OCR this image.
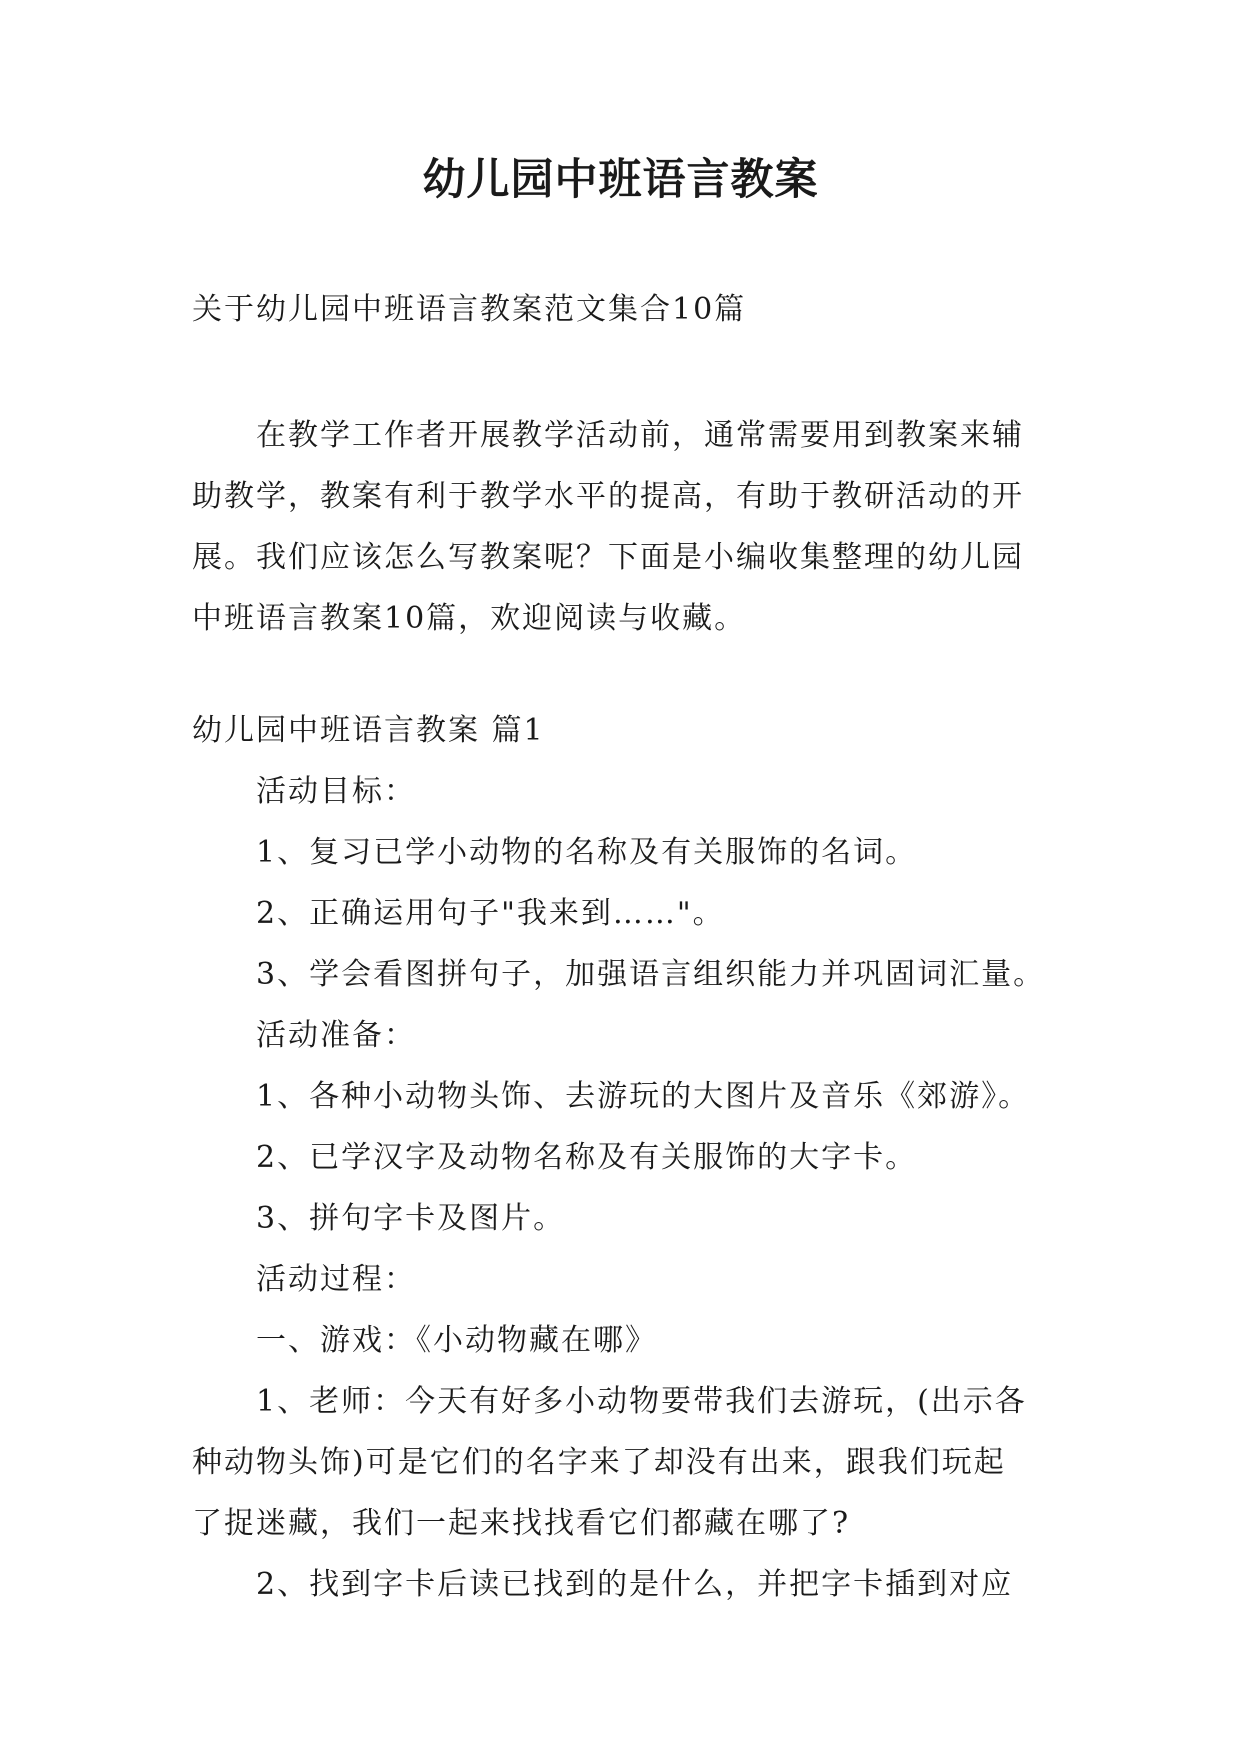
幼儿园中班语言教案

关于幼儿园中班语言教案范文集合10篇

在教学工作者开展教学活动前，通常需要用到教案来辅
助教学，教案有利于教学水平的提高，有助于教研活动的开
展。我们应该怎么写教案呢？下面是小编收集整理的幼儿园
中班语言教案10篇，欢迎阅读与收藏。

幼儿园中班语言教案 篇1
活动目标：
1、复习已学小动物的名称及有关服饰的名词。
2、正确运用句子"我来到……"。
3、学会看图拼句子，加强语言组织能力并巩固词汇量。
活动准备：
1、各种小动物头饰、去游玩的大图片及音乐《郊游》。
2、已学汉字及动物名称及有关服饰的大字卡。
3、拼句字卡及图片。
活动过程：
一、游戏：《小动物藏在哪》
1、老师：今天有好多小动物要带我们去游玩，(出示各
种动物头饰)可是它们的名字来了却没有出来，跟我们玩起
了捉迷藏，我们一起来找找看它们都藏在哪了?
2、找到字卡后读已找到的是什么，并把字卡插到对应
